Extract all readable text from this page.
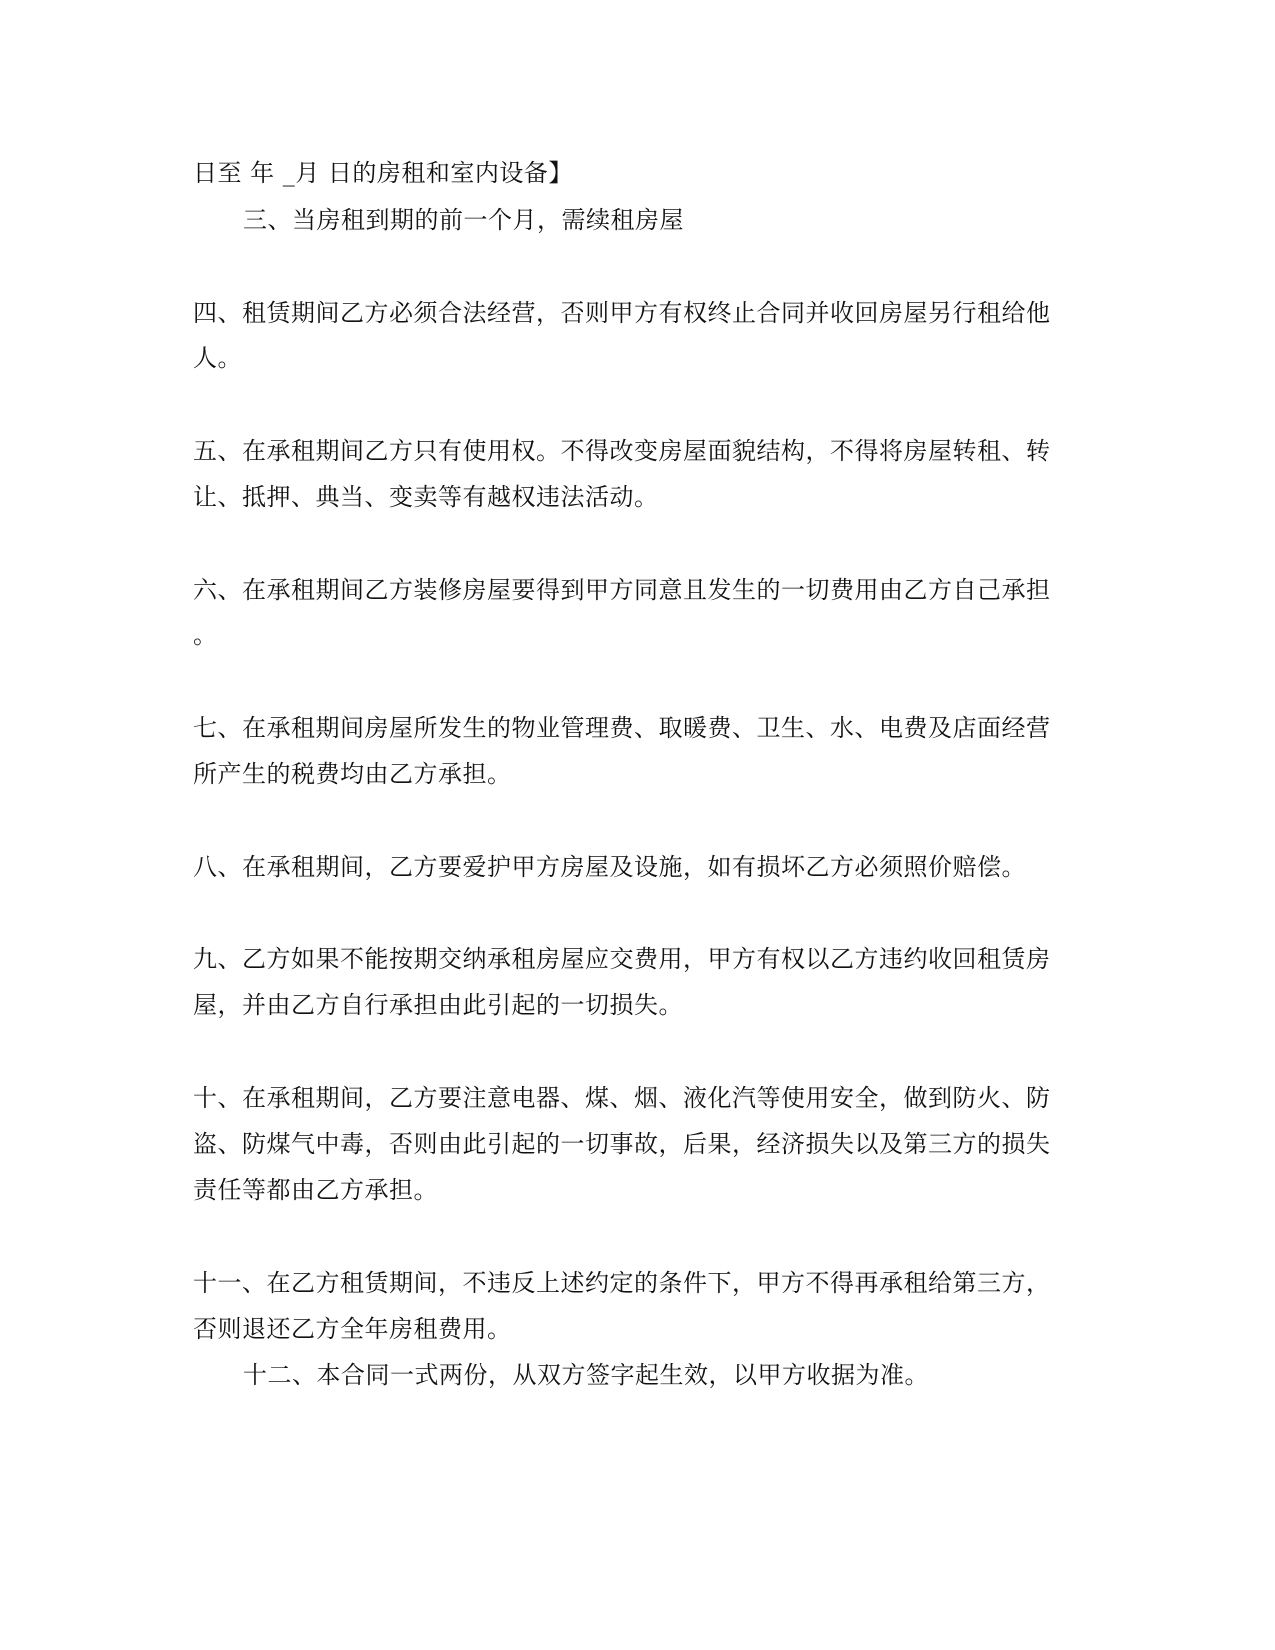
日至 年 _月 日的房租和室内设备】
三、当房租到期的前一个月，需续租房屋
四、租赁期间乙方必须合法经营，否则甲方有权终止合同并收回房屋另行租给他
人。
五、在承租期间乙方只有使用权。不得改变房屋面貌结构，不得将房屋转租、转
让、抵押、典当、变卖等有越权违法活动。
六、在承租期间乙方装修房屋要得到甲方同意且发生的一切费用由乙方自己承担
。
七、在承租期间房屋所发生的物业管理费、取暖费、卫生、水、电费及店面经营
所产生的税费均由乙方承担。
八、在承租期间，乙方要爱护甲方房屋及设施，如有损坏乙方必须照价赔偿。
九、乙方如果不能按期交纳承租房屋应交费用，甲方有权以乙方违约收回租赁房
屋，并由乙方自行承担由此引起的一切损失。
十、在承租期间，乙方要注意电器、煤、烟、液化汽等使用安全，做到防火、防
盗、防煤气中毒，否则由此引起的一切事故，后果，经济损失以及第三方的损失
责任等都由乙方承担。
十一、在乙方租赁期间，不违反上述约定的条件下，甲方不得再承租给第三方，
否则退还乙方全年房租费用。
十二、本合同一式两份，从双方签字起生效，以甲方收据为准。
